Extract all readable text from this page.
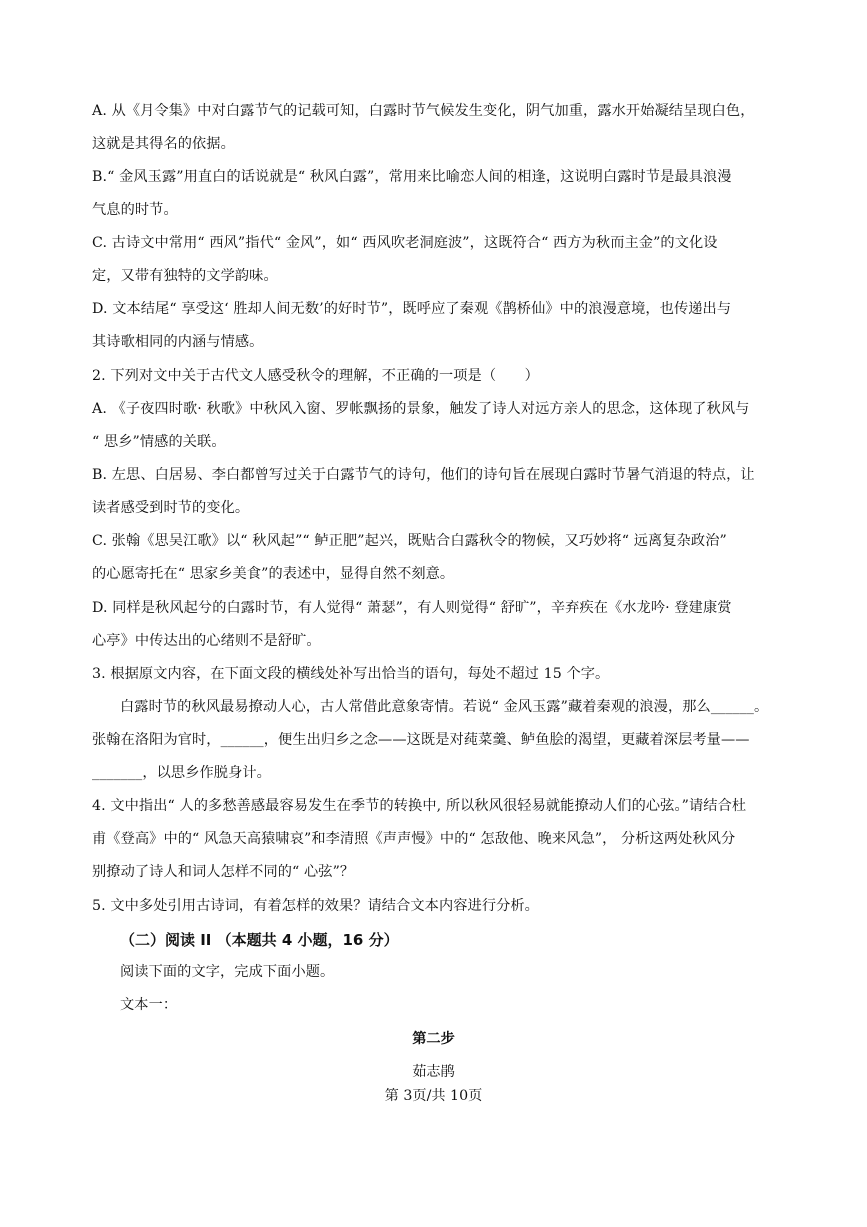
A. 从《月令集》中对白露节气的记载可知，白露时节气候发生变化，阴气加重，露水开始凝结呈现白色，
这就是其得名的依据。
B.“ 金风玉露”用直白的话说就是“ 秋风白露”，常用来比喻恋人间的相逢，这说明白露时节是最具浪漫
气息的时节。
C. 古诗文中常用“ 西风”指代“ 金风”，如“ 西风吹老洞庭波”，这既符合“ 西方为秋而主金”的文化设
定，又带有独特的文学韵味。
D. 文本结尾“ 享受这‘ 胜却人间无数’的好时节”，既呼应了秦观《鹊桥仙》中的浪漫意境，也传递出与
其诗歌相同的内涵与情感。
2. 下列对文中关于古代文人感受秋令的理解，不正确的一项是（　　）
A. 《子夜四时歌· 秋歌》中秋风入窗、罗帐飘扬的景象，触发了诗人对远方亲人的思念，这体现了秋风与
“ 思乡”情感的关联。
B. 左思、白居易、李白都曾写过关于白露节气的诗句，他们的诗句旨在展现白露时节暑气消退的特点，让
读者感受到时节的变化。
C. 张翰《思吴江歌》以“ 秋风起”“ 鲈正肥”起兴，既贴合白露秋令的物候，又巧妙将“ 远离复杂政治”
的心愿寄托在“ 思家乡美食”的表述中，显得自然不刻意。
D. 同样是秋风起兮的白露时节，有人觉得“ 萧瑟”，有人则觉得“ 舒旷”，辛弃疾在《水龙吟· 登建康赏
心亭》中传达出的心绪则不是舒旷。
3. 根据原文内容，在下面文段的横线处补写出恰当的语句，每处不超过 15 个字。
白露时节的秋风最易撩动人心，古人常借此意象寄情。若说“ 金风玉露”藏着秦观的浪漫，那么______。
张翰在洛阳为官时，______，便生出归乡之念——这既是对莼菜羹、鲈鱼脍的渴望，更藏着深层考量——
_______，以思乡作脱身计。
4. 文中指出“ 人的多愁善感最容易发生在季节的转换中, 所以秋风很轻易就能撩动人们的心弦。”请结合杜
甫《登高》中的“ 风急天高猿啸哀”和李清照《声声慢》中的“ 怎敌他、晚来风急”， 分析这两处秋风分
别撩动了诗人和词人怎样不同的“ 心弦”？
5. 文中多处引用古诗词，有着怎样的效果？请结合文本内容进行分析。
（二）阅读 II （本题共 4 小题，16 分）
阅读下面的文字，完成下面小题。
文本一：
第二步
茹志鹃
第 3页/共 10页
